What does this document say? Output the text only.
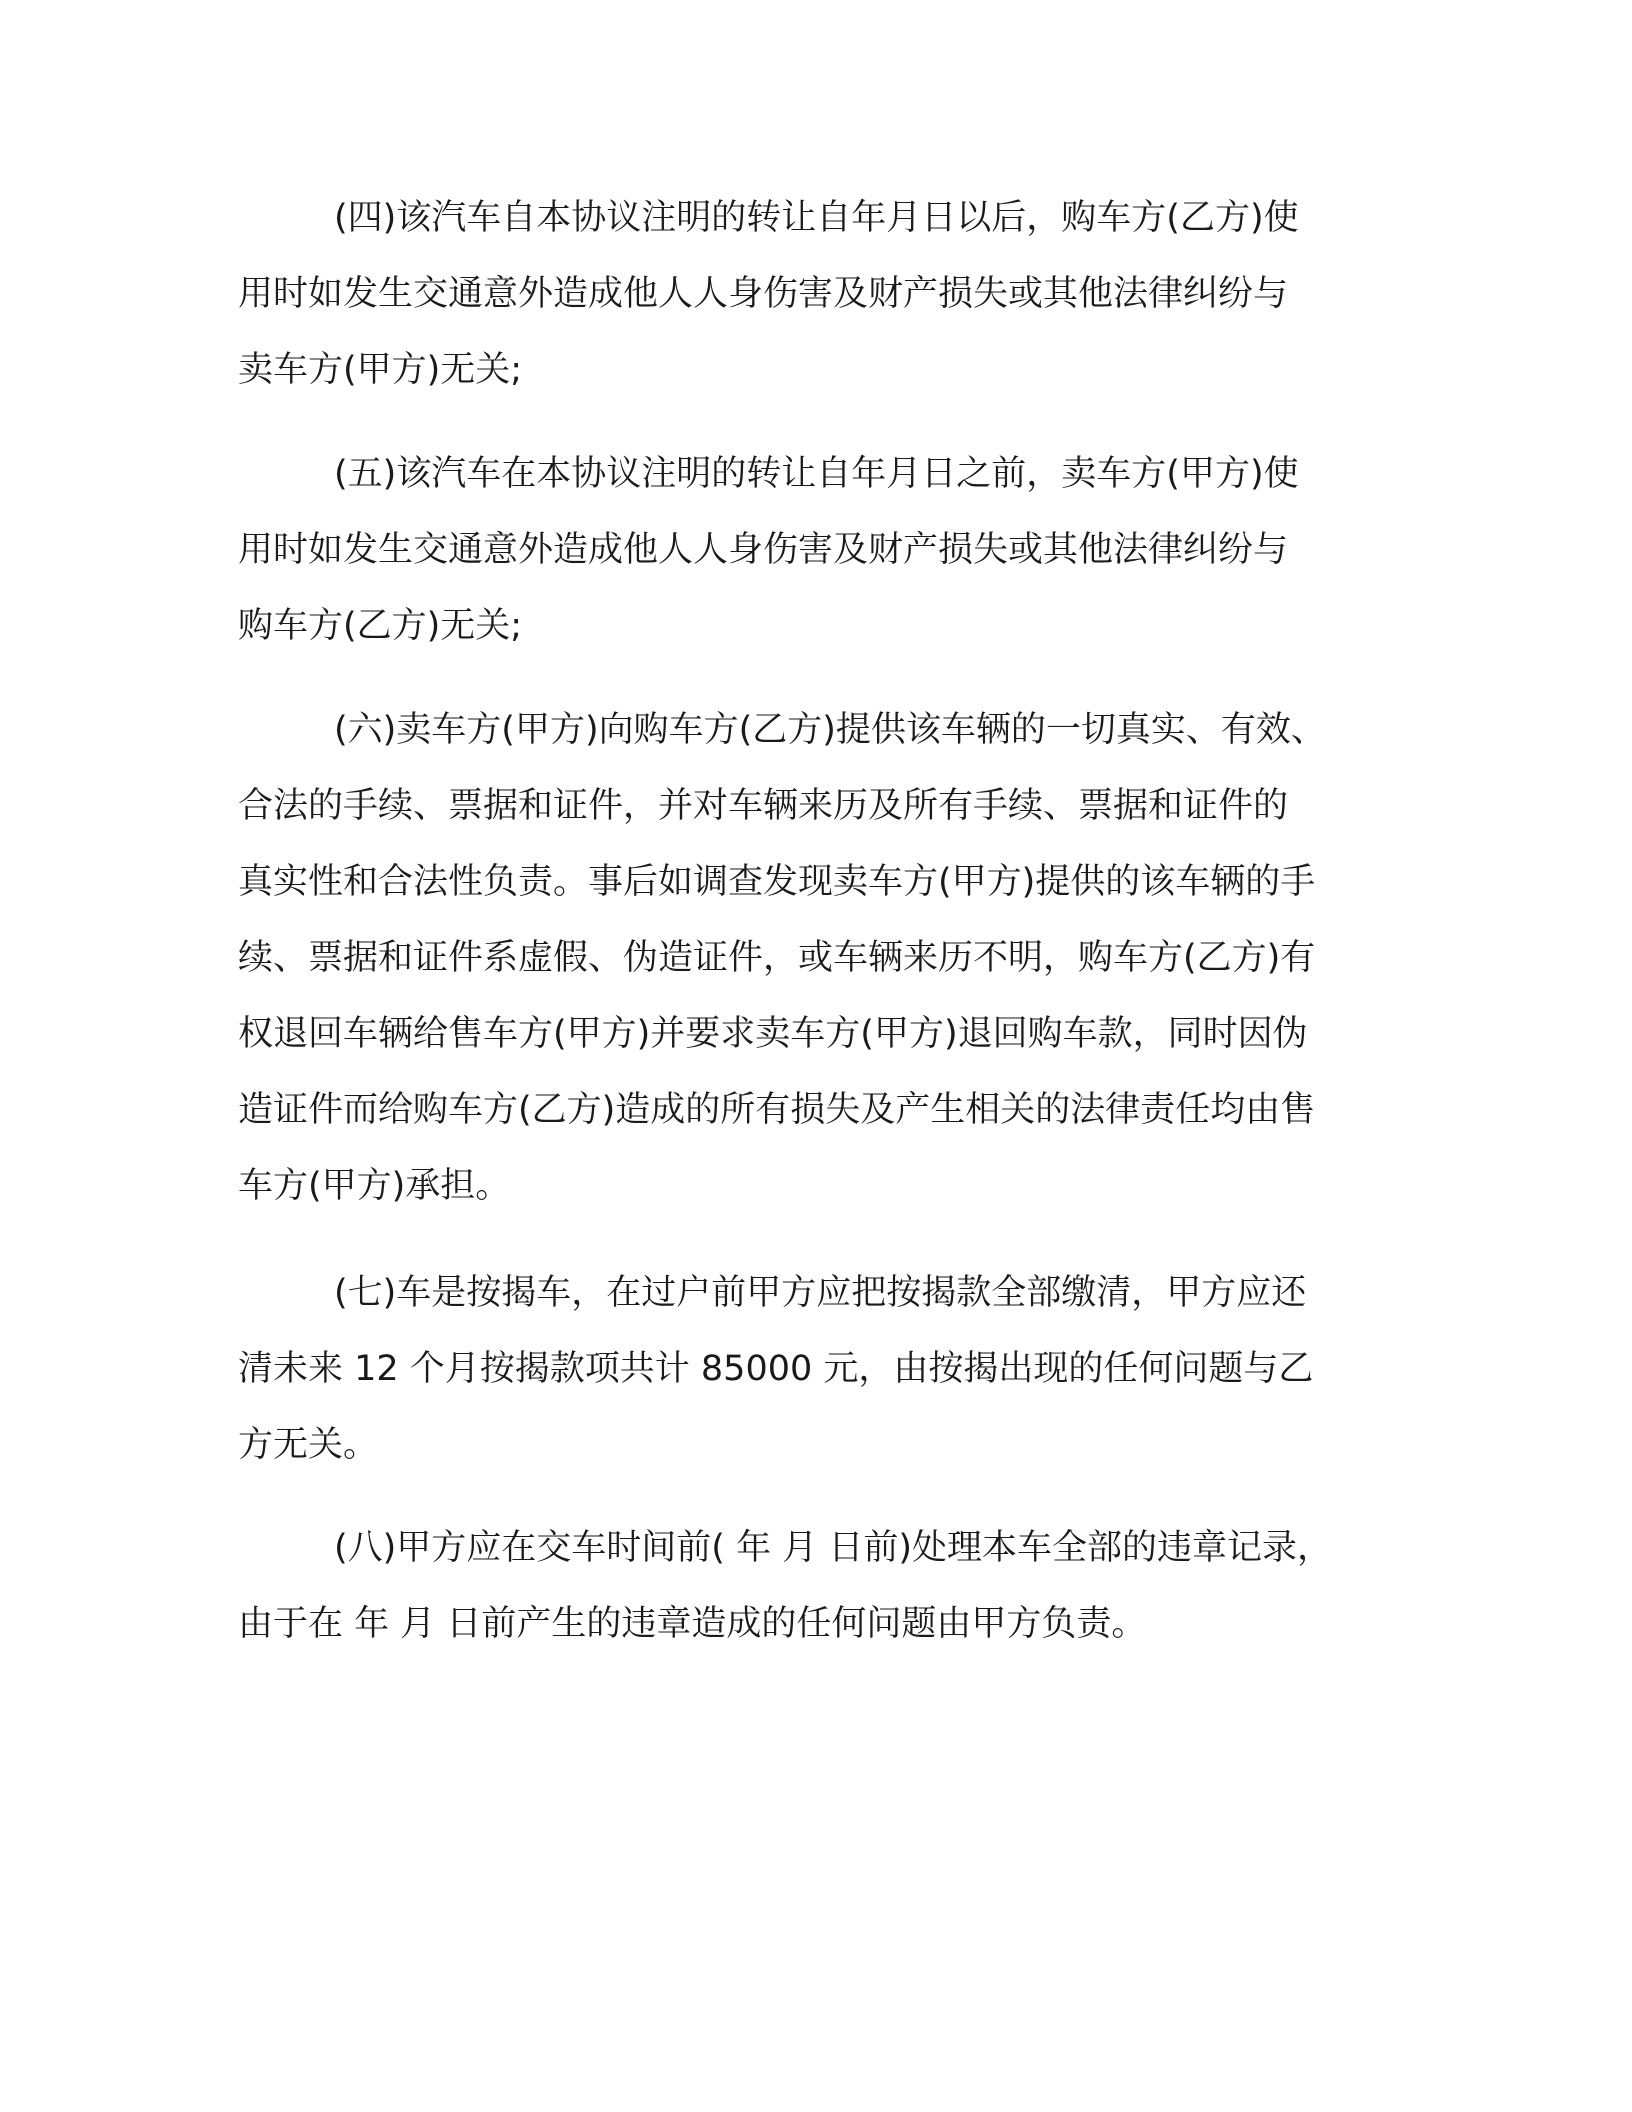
(四)该汽车自本协议注明的转让自年月日以后，购车方(乙方)使
用时如发生交通意外造成他人人身伤害及财产损失或其他法律纠纷与
卖车方(甲方)无关;
(五)该汽车在本协议注明的转让自年月日之前，卖车方(甲方)使
用时如发生交通意外造成他人人身伤害及财产损失或其他法律纠纷与
购车方(乙方)无关;
(六)卖车方(甲方)向购车方(乙方)提供该车辆的一切真实、有效、
合法的手续、票据和证件，并对车辆来历及所有手续、票据和证件的
真实性和合法性负责。事后如调查发现卖车方(甲方)提供的该车辆的手
续、票据和证件系虚假、伪造证件，或车辆来历不明，购车方(乙方)有
权退回车辆给售车方(甲方)并要求卖车方(甲方)退回购车款，同时因伪
造证件而给购车方(乙方)造成的所有损失及产生相关的法律责任均由售
车方(甲方)承担。
(七)车是按揭车，在过户前甲方应把按揭款全部缴清，甲方应还
清未来 12 个月按揭款项共计 85000 元，由按揭出现的任何问题与乙
方无关。
(八)甲方应在交车时间前( 年 月 日前)处理本车全部的违章记录，
由于在 年 月 日前产生的违章造成的任何问题由甲方负责。
